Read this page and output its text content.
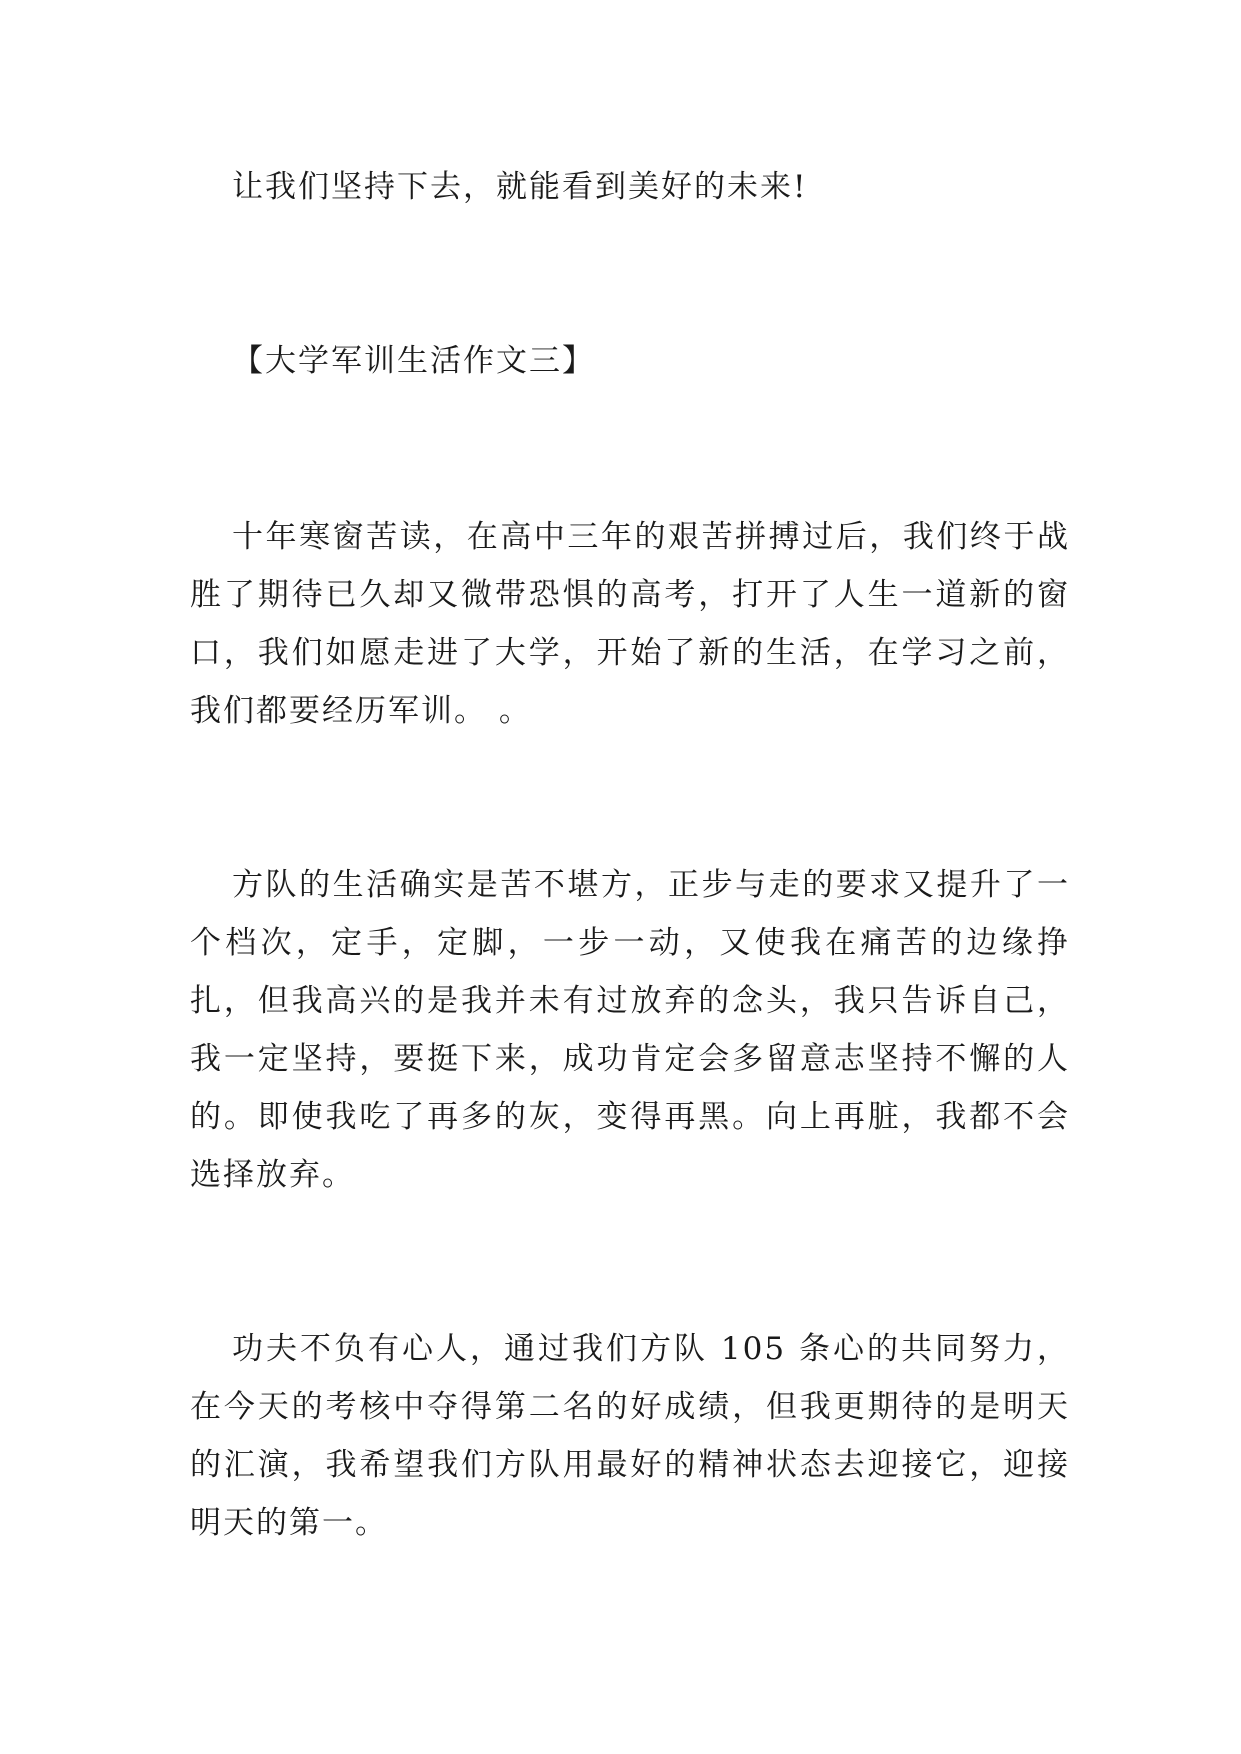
让我们坚持下去，就能看到美好的未来!

【大学军训生活作文三】

十年寒窗苦读，在高中三年的艰苦拼搏过后，我们终于战胜了期待已久却又微带恐惧的高考，打开了人生一道新的窗口，我们如愿走进了大学，开始了新的生活，在学习之前，我们都要经历军训。 。

方队的生活确实是苦不堪方，正步与走的要求又提升了一个档次，定手，定脚，一步一动，又使我在痛苦的边缘挣扎，但我高兴的是我并未有过放弃的念头，我只告诉自己，我一定坚持，要挺下来，成功肯定会多留意志坚持不懈的人的。即使我吃了再多的灰，变得再黑。向上再脏，我都不会选择放弃。

功夫不负有心人，通过我们方队 105 条心的共同努力，在今天的考核中夺得第二名的好成绩，但我更期待的是明天的汇演，我希望我们方队用最好的精神状态去迎接它，迎接明天的第一。
